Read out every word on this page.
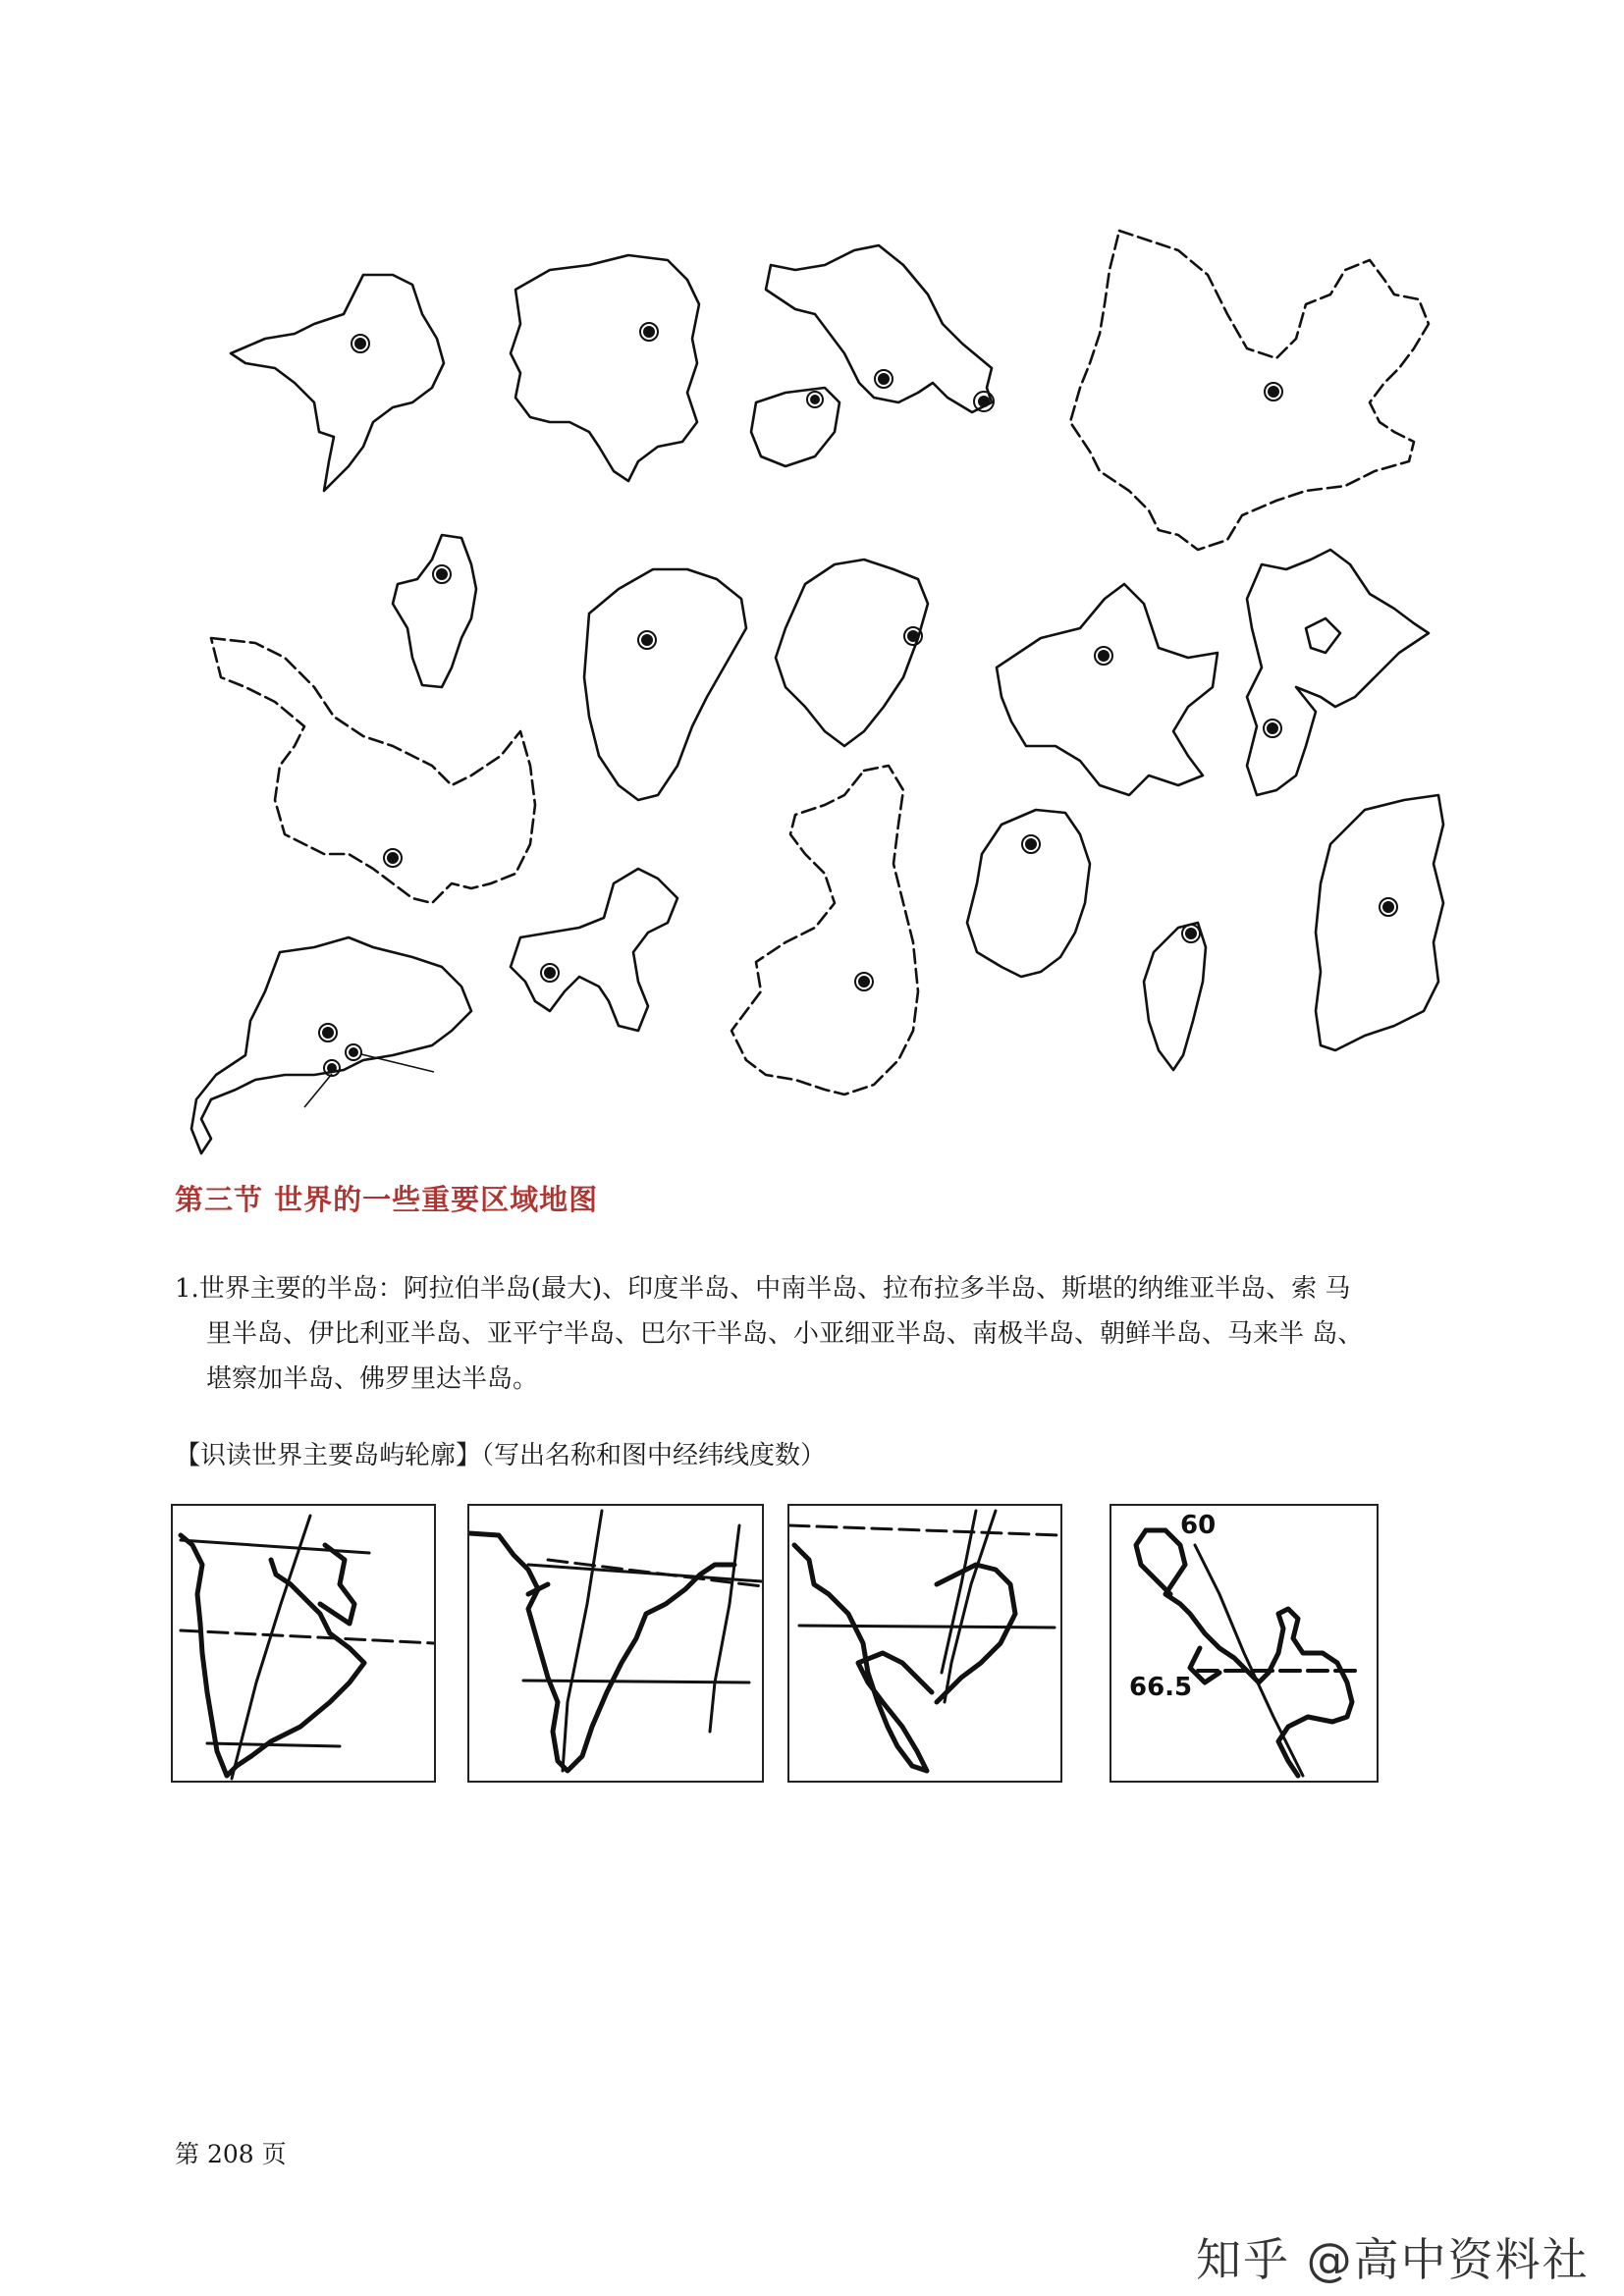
第三节 世界的一些重要区域地图
1.世界主要的半岛：阿拉伯半岛(最大)、印度半岛、中南半岛、拉布拉多半岛、斯堪的纳维亚半岛、索 马
里半岛、伊比利亚半岛、亚平宁半岛、巴尔干半岛、小亚细亚半岛、南极半岛、朝鲜半岛、马来半 岛、
堪察加半岛、佛罗里达半岛。
【识读世界主要岛屿轮廓】（写出名称和图中经纬线度数）
60
66.5
第 208 页
知乎 @高中资料社
